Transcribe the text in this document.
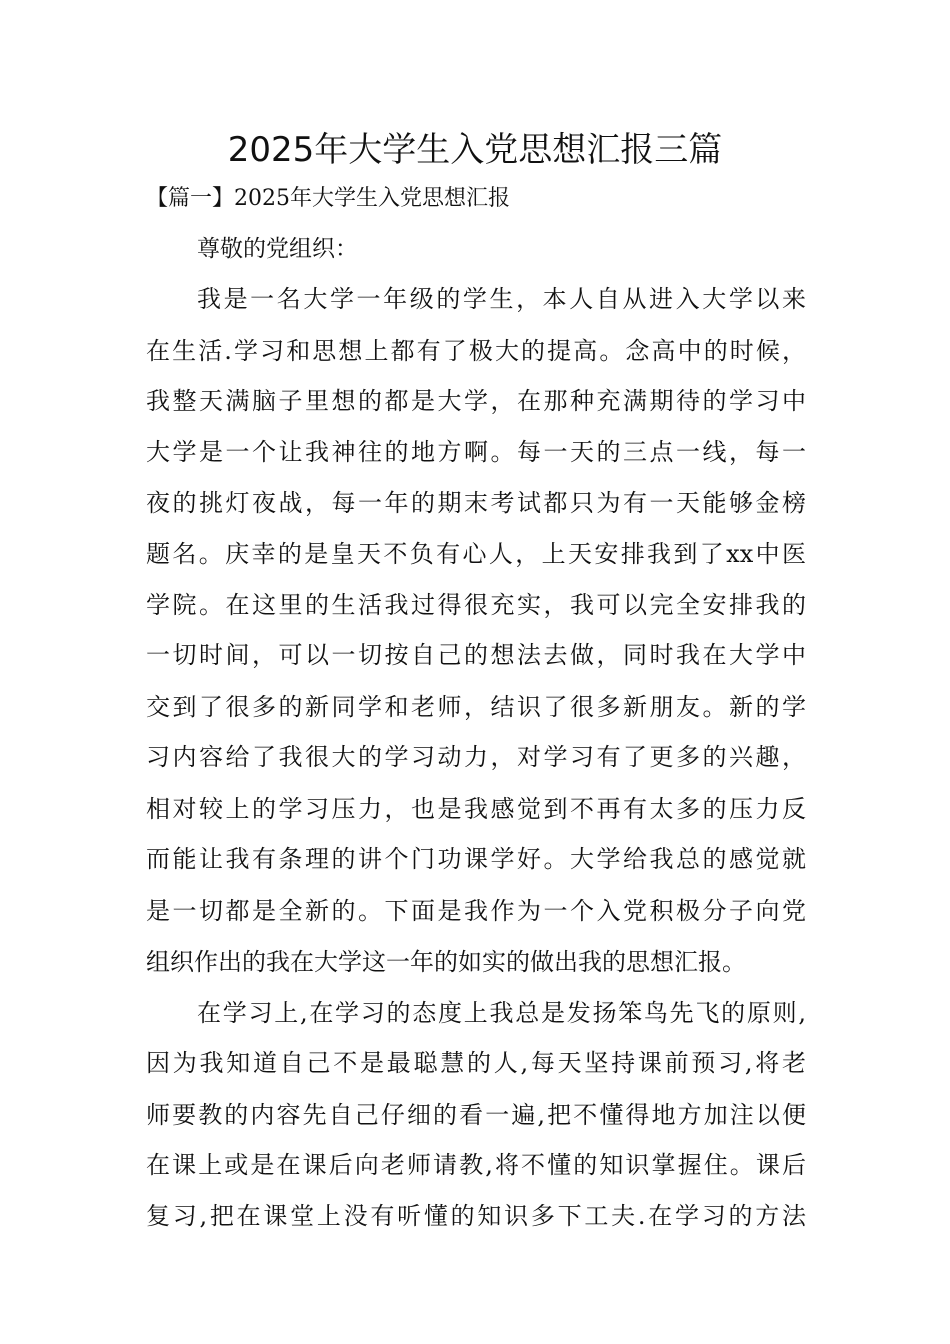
2025年大学生入党思想汇报三篇
【篇一】2025年大学生入党思想汇报

尊敬的党组织：

我是一名大学一年级的学生，本人自从进入大学以来

在生活.学习和思想上都有了极大的提高。念高中的时候，

我整天满脑子里想的都是大学，在那种充满期待的学习中

大学是一个让我神往的地方啊。每一天的三点一线，每一

夜的挑灯夜战，每一年的期末考试都只为有一天能够金榜

题名。庆幸的是皇天不负有心人，上天安排我到了xx中医

学院。在这里的生活我过得很充实，我可以完全安排我的

一切时间，可以一切按自己的想法去做，同时我在大学中

交到了很多的新同学和老师，结识了很多新朋友。新的学

习内容给了我很大的学习动力，对学习有了更多的兴趣，

相对较上的学习压力，也是我感觉到不再有太多的压力反

而能让我有条理的讲个门功课学好。大学给我总的感觉就

是一切都是全新的。下面是我作为一个入党积极分子向党

组织作出的我在大学这一年的如实的做出我的思想汇报。

在学习上,在学习的态度上我总是发扬笨鸟先飞的原则,

因为我知道自己不是最聪慧的人,每天坚持课前预习,将老

师要教的内容先自己仔细的看一遍,把不懂得地方加注以便

在课上或是在课后向老师请教,将不懂的知识掌握住。课后

复习,把在课堂上没有听懂的知识多下工夫.在学习的方法
